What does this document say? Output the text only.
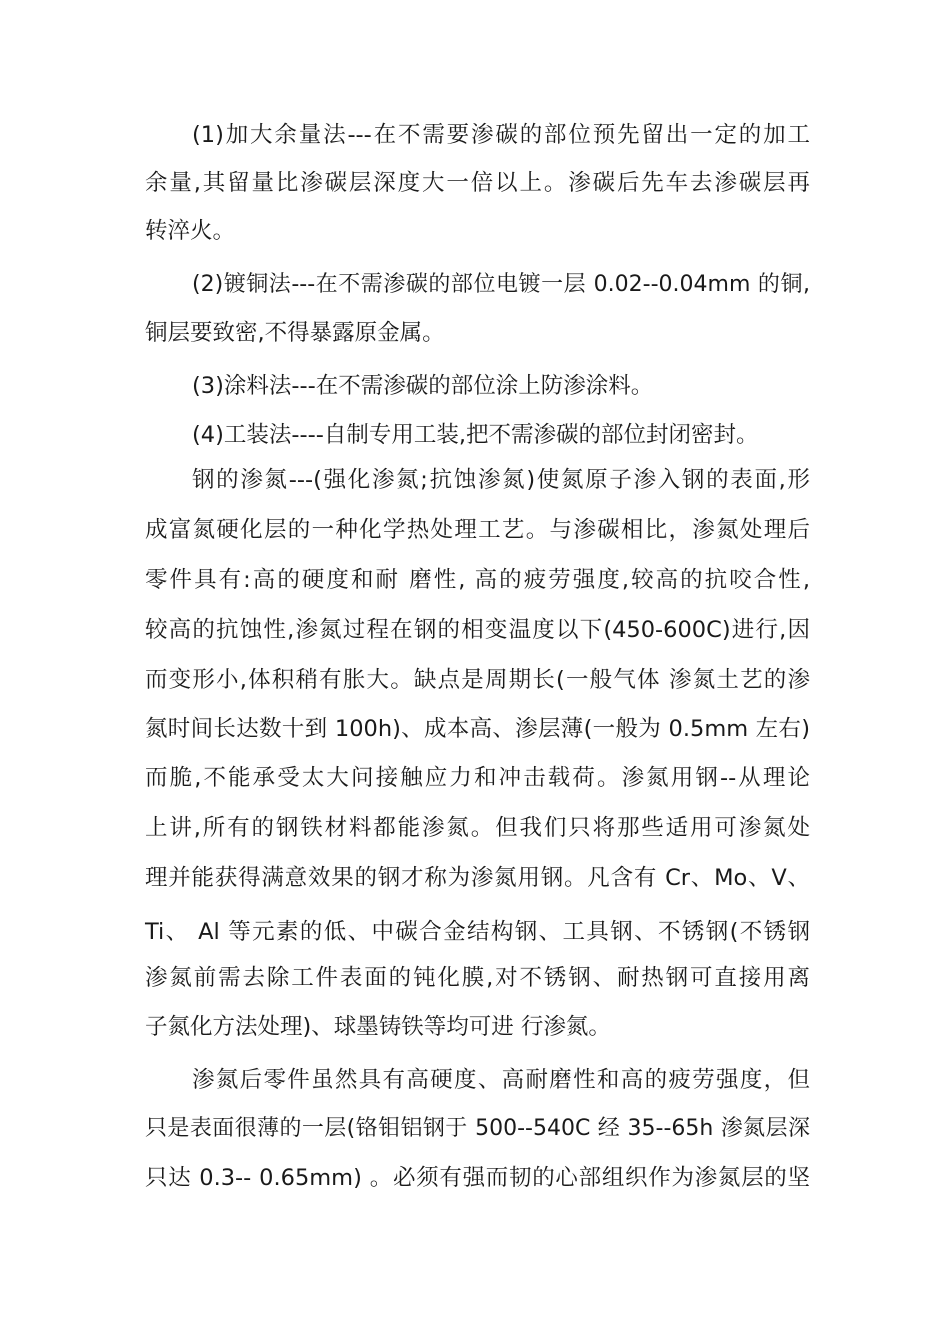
(1)加大余量法---在不需要渗碳的部位预先留出一定的加工
余量,其留量比渗碳层深度大一倍以上。渗碳后先车去渗碳层再
转淬火。
(2)镀铜法---在不需渗碳的部位电镀一层 0.02--0.04mm 的铜,
铜层要致密,不得暴露原金属。
(3)涂料法---在不需渗碳的部位涂上防渗涂料。
(4)工装法----自制专用工装,把不需渗碳的部位封闭密封。
钢的渗氮---(强化渗氮;抗蚀渗氮)使氮原子渗入钢的表面,形
成富氮硬化层的一种化学热处理工艺。与渗碳相比，渗氮处理后
零件具有:高的硬度和耐 磨性, 高的疲劳强度,较高的抗咬合性,
较高的抗蚀性,渗氮过程在钢的相变温度以下(450-600C)进行,因
而变形小,体积稍有胀大。缺点是周期长(一般气体 渗氮土艺的渗
氮时间长达数十到 100h)、成本高、渗层薄(一般为 0.5mm 左右)
而脆,不能承受太大问接触应力和冲击载荷。渗氮用钢--从理论
上讲,所有的钢铁材料都能渗氮。但我们只将那些适用可渗氮处
理并能获得满意效果的钢才称为渗氮用钢。凡含有 Cr、Mo、V、
Ti、 Al 等元素的低、中碳合金结构钢、工具钢、不锈钢(不锈钢
渗氮前需去除工件表面的钝化膜,对不锈钢、耐热钢可直接用离
子氮化方法处理)、球墨铸铁等均可进 行渗氮。
渗氮后零件虽然具有高硬度、高耐磨性和高的疲劳强度，但
只是表面很薄的一层(铬钼铝钢于 500--540C 经 35--65h 渗氮层深
只达 0.3-- 0.65mm) 。必须有强而韧的心部组织作为渗氮层的坚
